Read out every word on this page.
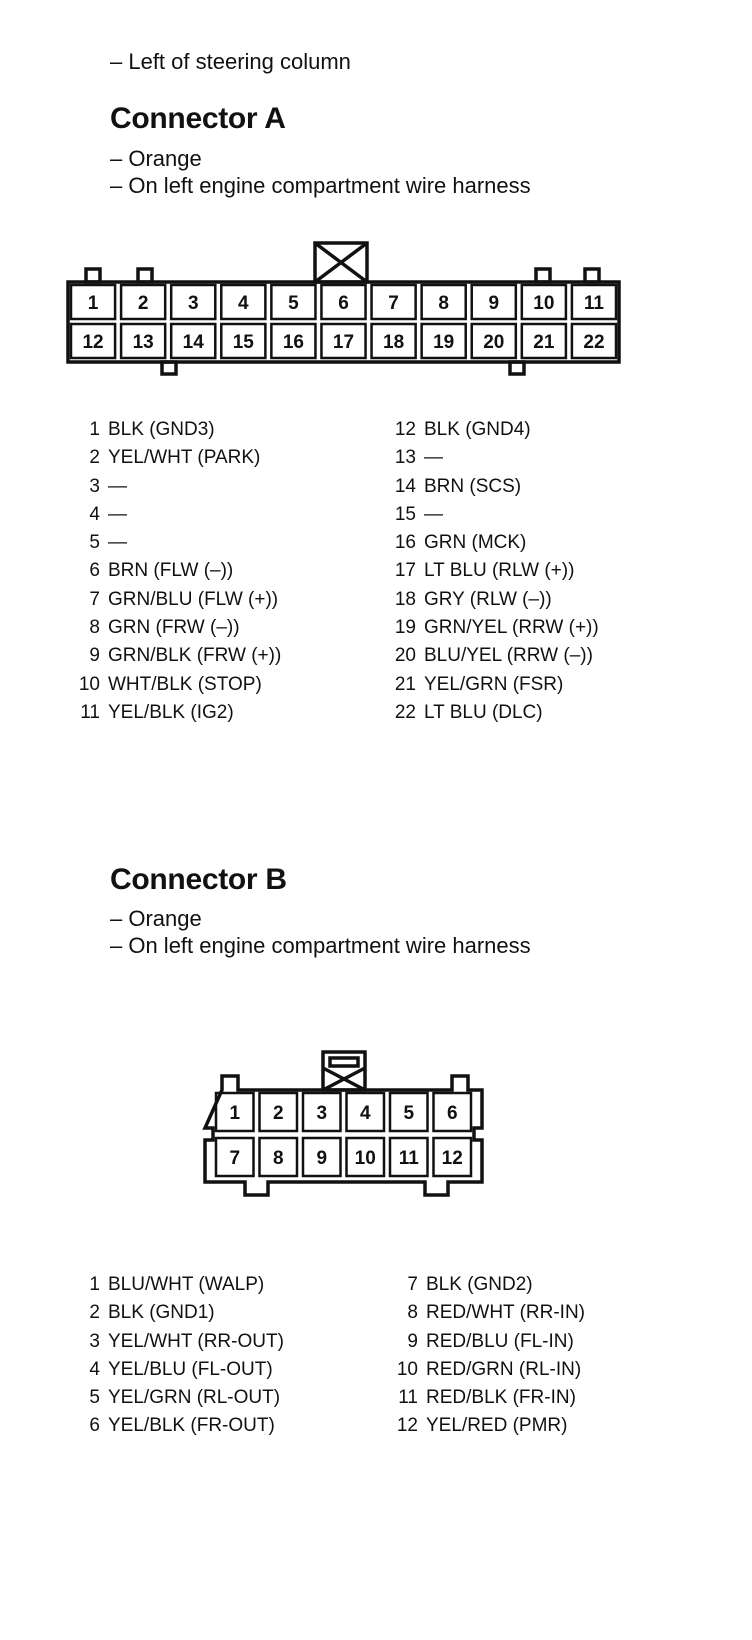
– Left of steering column
Connector A
– Orange
– On left engine compartment wire harness
1 2 3 4 5 6 7 8 9 10 11
12 13 14 15 16 17 18 19 20 21 22
1 BLK (GND3)
2 YEL/WHT (PARK)
3 —
4 —
5 —
6 BRN (FLW (–))
7 GRN/BLU (FLW (+))
8 GRN (FRW (–))
9 GRN/BLK (FRW (+))
10 WHT/BLK (STOP)
11 YEL/BLK (IG2)
12 BLK (GND4)
13 —
14 BRN (SCS)
15 —
16 GRN (MCK)
17 LT BLU (RLW (+))
18 GRY (RLW (–))
19 GRN/YEL (RRW (+))
20 BLU/YEL (RRW (–))
21 YEL/GRN (FSR)
22 LT BLU (DLC)
Connector B
– Orange
– On left engine compartment wire harness
1 2 3 4 5 6
7 8 9 10 11 12
1 BLU/WHT (WALP)
2 BLK (GND1)
3 YEL/WHT (RR-OUT)
4 YEL/BLU (FL-OUT)
5 YEL/GRN (RL-OUT)
6 YEL/BLK (FR-OUT)
7 BLK (GND2)
8 RED/WHT (RR-IN)
9 RED/BLU (FL-IN)
10 RED/GRN (RL-IN)
11 RED/BLK (FR-IN)
12 YEL/RED (PMR)
